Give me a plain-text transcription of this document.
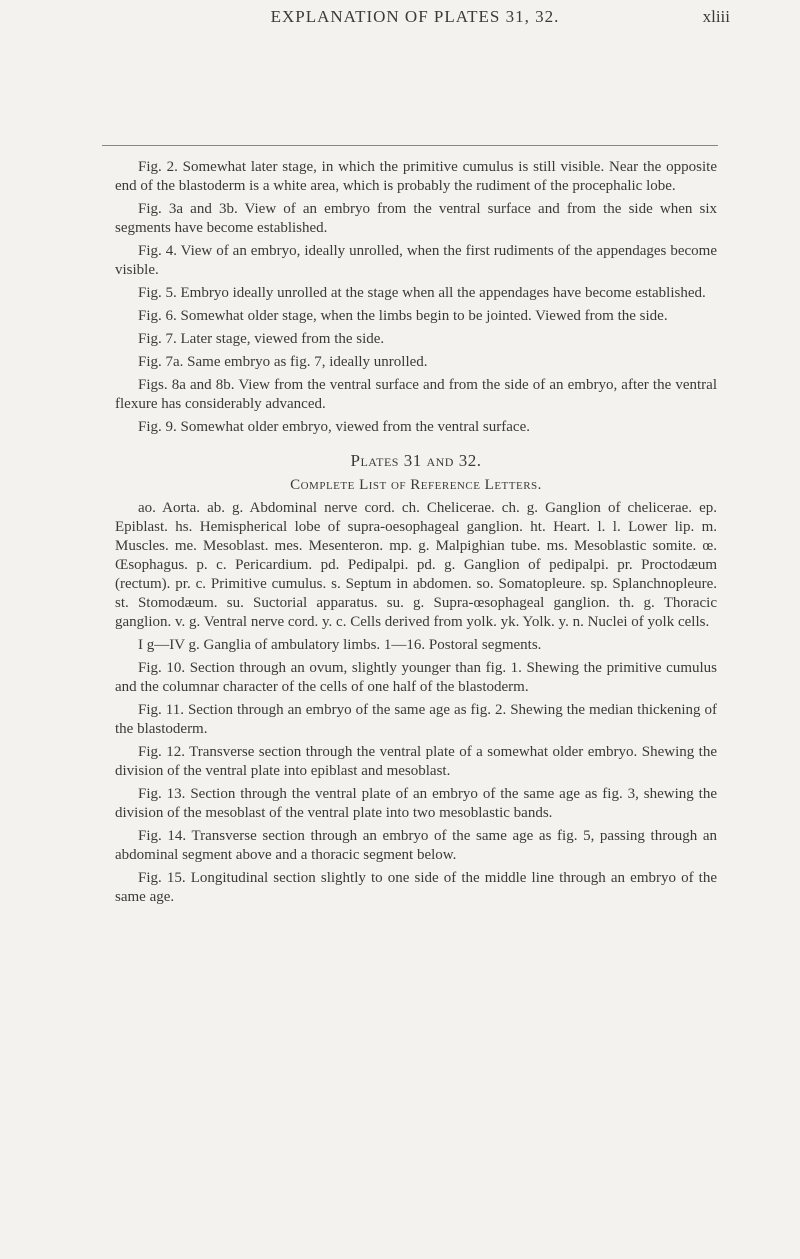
EXPLANATION OF PLATES 31, 32.	xliii

Fig. 2. Somewhat later stage, in which the primitive cumulus is still visible. Near the opposite end of the blastoderm is a white area, which is probably the rudiment of the procephalic lobe.

Fig. 3a and 3b. View of an embryo from the ventral surface and from the side when six segments have become established.

Fig. 4. View of an embryo, ideally unrolled, when the first rudiments of the appendages become visible.

Fig. 5. Embryo ideally unrolled at the stage when all the appendages have become established.

Fig. 6. Somewhat older stage, when the limbs begin to be jointed. Viewed from the side.

Fig. 7. Later stage, viewed from the side.

Fig. 7a. Same embryo as fig. 7, ideally unrolled.

Figs. 8a and 8b. View from the ventral surface and from the side of an embryo, after the ventral flexure has considerably advanced.

Fig. 9. Somewhat older embryo, viewed from the ventral surface.

Plates 31 and 32.
Complete List of Reference Letters.

ao. Aorta. ab. g. Abdominal nerve cord. ch. Chelicerae. ch. g. Ganglion of chelicerae. ep. Epiblast. hs. Hemispherical lobe of supra-oesophageal ganglion. ht. Heart. l. l. Lower lip. m. Muscles. me. Mesoblast. mes. Mesenteron. mp. g. Malpighian tube. ms. Mesoblastic somite. œ. Œsophagus. p. c. Pericardium. pd. Pedipalpi. pd. g. Ganglion of pedipalpi. pr. Proctodæum (rectum). pr. c. Primitive cumulus. s. Septum in abdomen. so. Somatopleure. sp. Splanchnopleure. st. Stomodæum. su. Suctorial apparatus. su. g. Supra-œsophageal ganglion. th. g. Thoracic ganglion. v. g. Ventral nerve cord. y. c. Cells derived from yolk. yk. Yolk. y. n. Nuclei of yolk cells.

I g—IV g. Ganglia of ambulatory limbs. 1—16. Postoral segments.

Fig. 10. Section through an ovum, slightly younger than fig. 1. Shewing the primitive cumulus and the columnar character of the cells of one half of the blastoderm.

Fig. 11. Section through an embryo of the same age as fig. 2. Shewing the median thickening of the blastoderm.

Fig. 12. Transverse section through the ventral plate of a somewhat older embryo. Shewing the division of the ventral plate into epiblast and mesoblast.

Fig. 13. Section through the ventral plate of an embryo of the same age as fig. 3, shewing the division of the mesoblast of the ventral plate into two mesoblastic bands.

Fig. 14. Transverse section through an embryo of the same age as fig. 5, passing through an abdominal segment above and a thoracic segment below.

Fig. 15. Longitudinal section slightly to one side of the middle line through an embryo of the same age.
